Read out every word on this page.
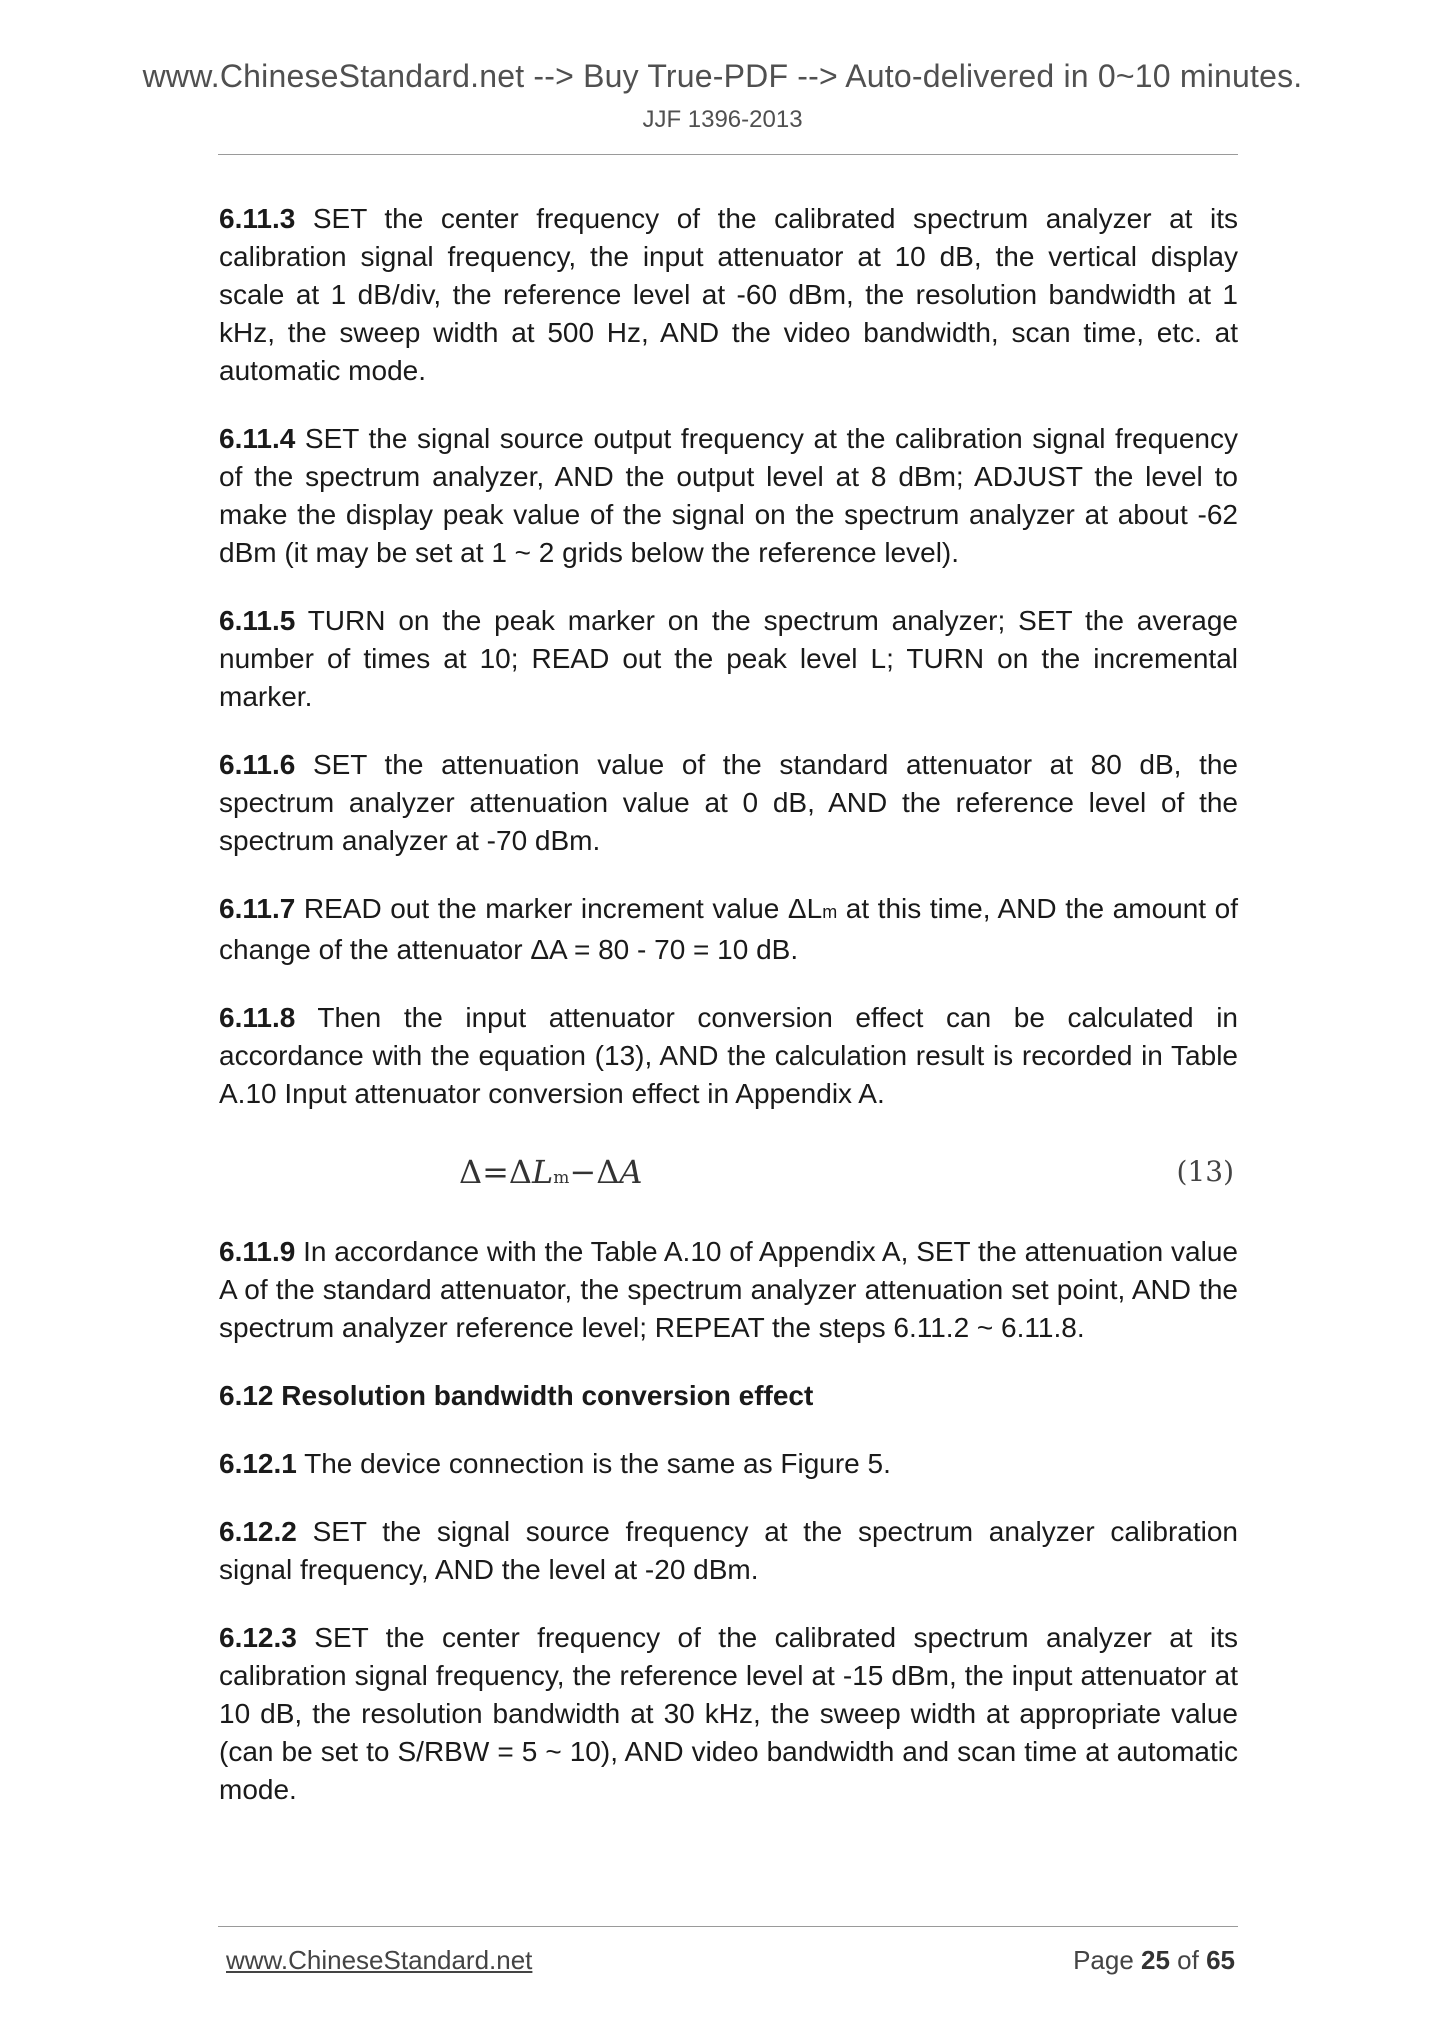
www.ChineseStandard.net --> Buy True-PDF --> Auto-delivered in 0~10 minutes.
JJF 1396-2013

6.11.3 SET the center frequency of the calibrated spectrum analyzer at its calibration signal frequency, the input attenuator at 10 dB, the vertical display scale at 1 dB/div, the reference level at -60 dBm, the resolution bandwidth at 1 kHz, the sweep width at 500 Hz, AND the video bandwidth, scan time, etc. at automatic mode.

6.11.4 SET the signal source output frequency at the calibration signal frequency of the spectrum analyzer, AND the output level at 8 dBm; ADJUST the level to make the display peak value of the signal on the spectrum analyzer at about -62 dBm (it may be set at 1 ~ 2 grids below the reference level).

6.11.5 TURN on the peak marker on the spectrum analyzer; SET the average number of times at 10; READ out the peak level L; TURN on the incremental marker.

6.11.6 SET the attenuation value of the standard attenuator at 80 dB, the spectrum analyzer attenuation value at 0 dB, AND the reference level of the spectrum analyzer at -70 dBm.

6.11.7 READ out the marker increment value ΔLm at this time, AND the amount of change of the attenuator ΔA = 80 - 70 = 10 dB.

6.11.8 Then the input attenuator conversion effect can be calculated in accordance with the equation (13), AND the calculation result is recorded in Table A.10 Input attenuator conversion effect in Appendix A.

Δ=ΔLm−ΔA	(13)

6.11.9 In accordance with the Table A.10 of Appendix A, SET the attenuation value A of the standard attenuator, the spectrum analyzer attenuation set point, AND the spectrum analyzer reference level; REPEAT the steps 6.11.2 ~ 6.11.8.

6.12 Resolution bandwidth conversion effect

6.12.1 The device connection is the same as Figure 5.

6.12.2 SET the signal source frequency at the spectrum analyzer calibration signal frequency, AND the level at -20 dBm.

6.12.3 SET the center frequency of the calibrated spectrum analyzer at its calibration signal frequency, the reference level at -15 dBm, the input attenuator at 10 dB, the resolution bandwidth at 30 kHz, the sweep width at appropriate value (can be set to S/RBW = 5 ~ 10), AND video bandwidth and scan time at automatic mode.

www.ChineseStandard.net	Page 25 of 65
